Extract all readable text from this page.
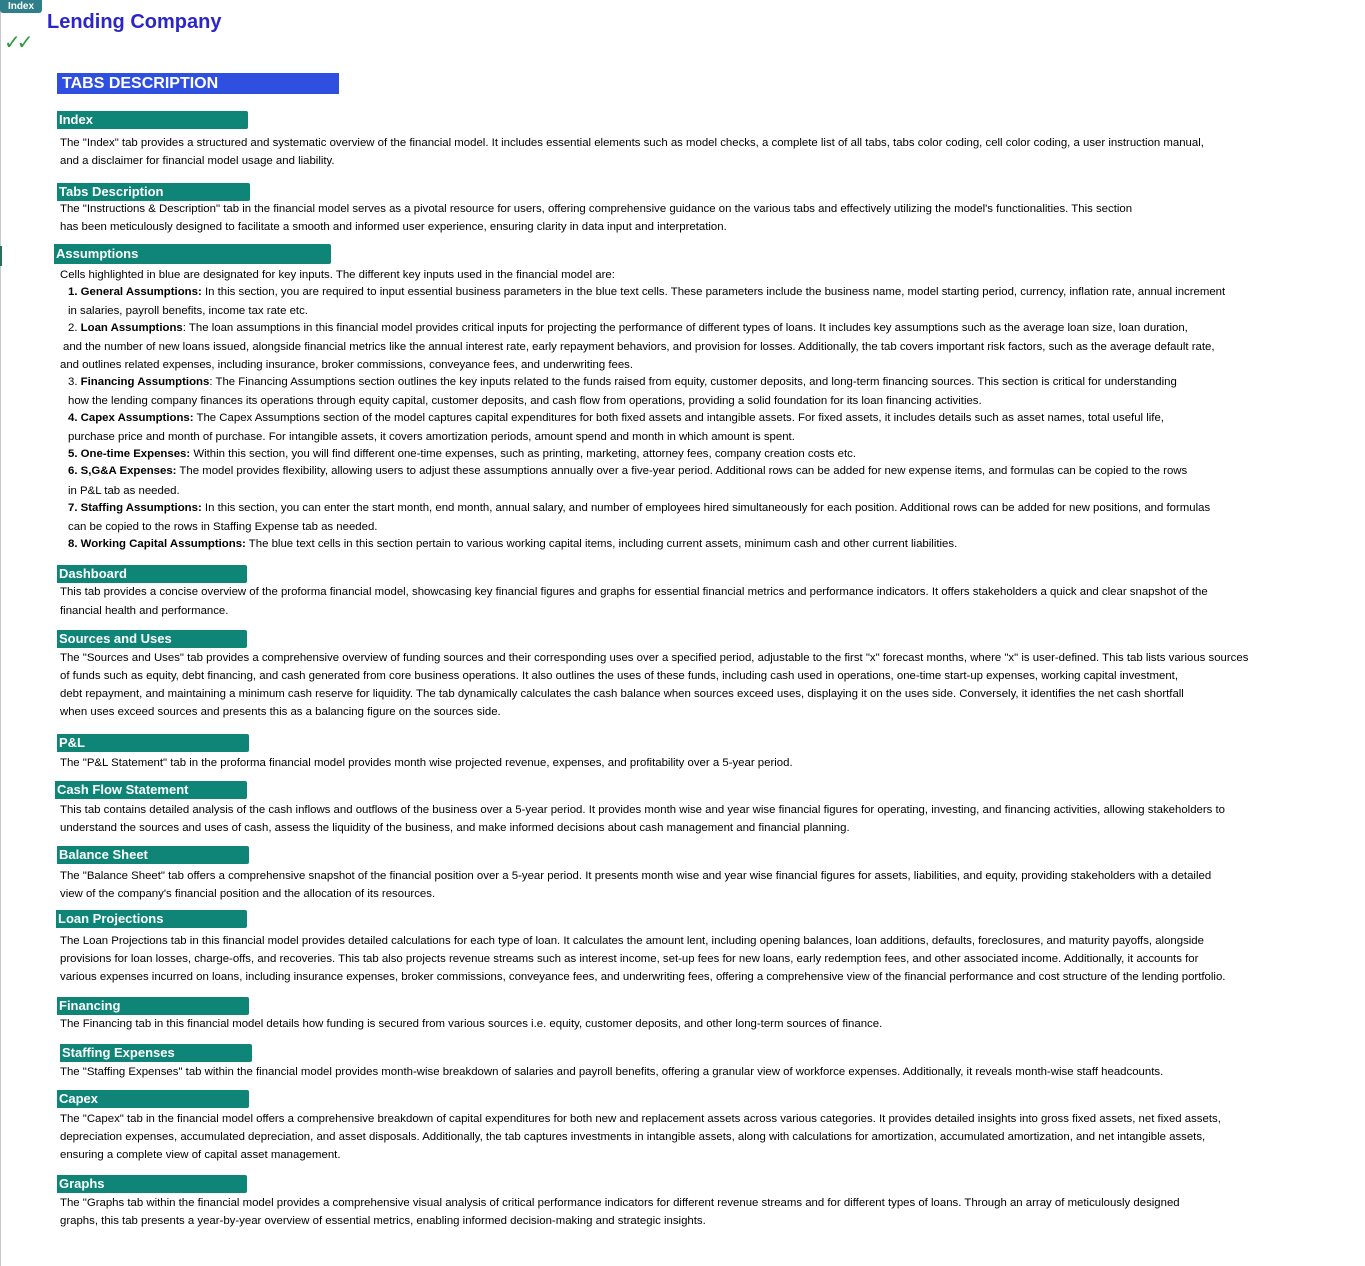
Index
Lending Company
✓✓
TABS DESCRIPTION
Index
The "Index" tab provides a structured and systematic overview of the financial model. It includes essential elements such as model checks, a complete list of all tabs, tabs color coding, cell color coding, a user instruction manual,
and a disclaimer for financial model usage and liability.
Tabs Description
The "Instructions & Description" tab in the financial model serves as a pivotal resource for users, offering comprehensive guidance on the various tabs and effectively utilizing the model's functionalities. This section
has been meticulously designed to facilitate a smooth and informed user experience, ensuring clarity in data input and interpretation.
Assumptions
Cells highlighted in blue are designated for key inputs. The different key inputs used in the financial model are:
1. General Assumptions: In this section, you are required to input essential business parameters in the blue text cells. These parameters include the business name, model starting period, currency, inflation rate, annual increment
in salaries, payroll benefits, income tax rate etc.
2. Loan Assumptions: The loan assumptions in this financial model provides critical inputs for projecting the performance of different types of loans. It includes key assumptions such as the average loan size, loan duration,
and the number of new loans issued, alongside financial metrics like the annual interest rate, early repayment behaviors, and provision for losses. Additionally, the tab covers important risk factors, such as the average default rate,
and outlines related expenses, including insurance, broker commissions, conveyance fees, and underwriting fees.
3. Financing Assumptions: The Financing Assumptions section outlines the key inputs related to the funds raised from equity, customer deposits, and long-term financing sources. This section is critical for understanding
how the lending company finances its operations through equity capital, customer deposits, and cash flow from operations, providing a solid foundation for its loan financing activities.
4. Capex Assumptions: The Capex Assumptions section of the model captures capital expenditures for both fixed assets and intangible assets. For fixed assets, it includes details such as asset names, total useful life,
purchase price and month of purchase. For intangible assets, it covers amortization periods, amount spend and month in which amount is spent.
5. One-time Expenses: Within this section, you will find different one-time expenses, such as printing, marketing, attorney fees, company creation costs etc.
6. S,G&A Expenses: The model provides flexibility, allowing users to adjust these assumptions annually over a five-year period. Additional rows can be added for new expense items, and formulas can be copied to the rows
in P&L tab as needed.
7. Staffing Assumptions: In this section, you can enter the start month, end month, annual salary, and number of employees hired simultaneously for each position. Additional rows can be added for new positions, and formulas
can be copied to the rows in Staffing Expense tab as needed.
8. Working Capital Assumptions: The blue text cells in this section pertain to various working capital items, including current assets, minimum cash and other current liabilities.
Dashboard
This tab provides a concise overview of the proforma financial model, showcasing key financial figures and graphs for essential financial metrics and performance indicators. It offers stakeholders a quick and clear snapshot of the
financial health and performance.
Sources and Uses
The "Sources and Uses" tab provides a comprehensive overview of funding sources and their corresponding uses over a specified period, adjustable to the first "x" forecast months, where "x" is user-defined. This tab lists various sources
of funds such as equity, debt financing, and cash generated from core business operations. It also outlines the uses of these funds, including cash used in operations, one-time start-up expenses, working capital investment,
debt repayment, and maintaining a minimum cash reserve for liquidity. The tab dynamically calculates the cash balance when sources exceed uses, displaying it on the uses side. Conversely, it identifies the net cash shortfall
when uses exceed sources and presents this as a balancing figure on the sources side.
P&L
The "P&L Statement" tab in the proforma financial model provides month wise projected revenue, expenses, and profitability over a 5-year period.
Cash Flow Statement
This tab contains detailed analysis of the cash inflows and outflows of the business over a 5-year period. It provides month wise and year wise financial figures for operating, investing, and financing activities, allowing stakeholders to
understand the sources and uses of cash, assess the liquidity of the business, and make informed decisions about cash management and financial planning.
Balance Sheet
The "Balance Sheet" tab offers a comprehensive snapshot of the financial position over a 5-year period. It presents month wise and year wise financial figures for assets, liabilities, and equity, providing stakeholders with a detailed
view of the company's financial position and the allocation of its resources.
Loan Projections
The Loan Projections tab in this financial model provides detailed calculations for each type of loan. It calculates the amount lent, including opening balances, loan additions, defaults, foreclosures, and maturity payoffs, alongside
provisions for loan losses, charge-offs, and recoveries. This tab also projects revenue streams such as interest income, set-up fees for new loans, early redemption fees, and other associated income. Additionally, it accounts for
various expenses incurred on loans, including insurance expenses, broker commissions, conveyance fees, and underwriting fees, offering a comprehensive view of the financial performance and cost structure of the lending portfolio.
Financing
The Financing tab in this financial model details how funding is secured from various sources i.e. equity, customer deposits, and other long-term sources of finance.
Staffing Expenses
The "Staffing Expenses" tab within the financial model provides month-wise breakdown of salaries and payroll benefits, offering a granular view of workforce expenses. Additionally, it reveals month-wise staff headcounts.
Capex
The "Capex" tab in the financial model offers a comprehensive breakdown of capital expenditures for both new and replacement assets across various categories. It provides detailed insights into gross fixed assets, net fixed assets,
depreciation expenses, accumulated depreciation, and asset disposals. Additionally, the tab captures investments in intangible assets, along with calculations for amortization, accumulated amortization, and net intangible assets,
ensuring a complete view of capital asset management.
Graphs
The "Graphs tab within the financial model provides a comprehensive visual analysis of critical performance indicators for different revenue streams and for different types of loans. Through an array of meticulously designed
graphs, this tab presents a year-by-year overview of essential metrics, enabling informed decision-making and strategic insights.
